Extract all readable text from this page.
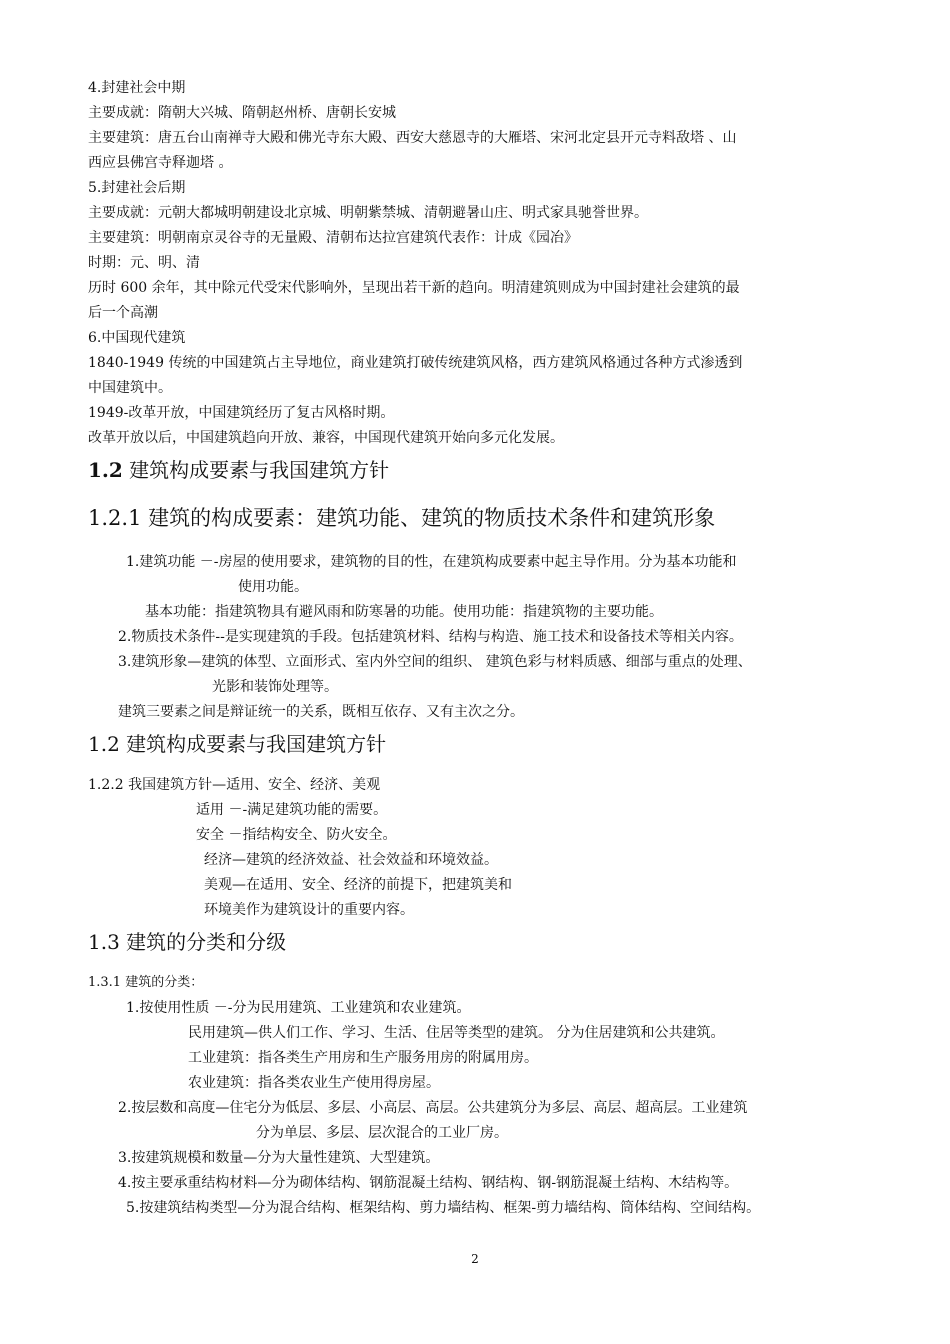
4.封建社会中期
主要成就：隋朝大兴城、隋朝赵州桥、唐朝长安城
主要建筑：唐五台山南禅寺大殿和佛光寺东大殿、西安大慈恩寺的大雁塔、宋河北定县开元寺料敌塔 、山
西应县佛宫寺释迦塔 。
5.封建社会后期
主要成就：元朝大都城明朝建设北京城、明朝紫禁城、清朝避暑山庄、明式家具驰誉世界。
主要建筑：明朝南京灵谷寺的无量殿、清朝布达拉宫建筑代表作：计成《园冶》
时期：元、明、清
历时 600 余年，其中除元代受宋代影响外，呈现出若干新的趋向。明清建筑则成为中国封建社会建筑的最
后一个高潮
6.中国现代建筑
1840-1949 传统的中国建筑占主导地位，商业建筑打破传统建筑风格，西方建筑风格通过各种方式渗透到
中国建筑中。
1949-改革开放，中国建筑经历了复古风格时期。
改革开放以后，中国建筑趋向开放、兼容，中国现代建筑开始向多元化发展。
1.2 建筑构成要素与我国建筑方针
1.2.1 建筑的构成要素：建筑功能、建筑的物质技术条件和建筑形象
1.建筑功能 －-房屋的使用要求，建筑物的目的性，在建筑构成要素中起主导作用。分为基本功能和
使用功能。
基本功能：指建筑物具有避风雨和防寒暑的功能。使用功能：指建筑物的主要功能。
2.物质技术条件--是实现建筑的手段。包括建筑材料、结构与构造、施工技术和设备技术等相关内容。
3.建筑形象—建筑的体型、立面形式、室内外空间的组织、 建筑色彩与材料质感、细部与重点的处理、
光影和装饰处理等。
建筑三要素之间是辩证统一的关系，既相互依存、又有主次之分。
1.2 建筑构成要素与我国建筑方针
1.2.2 我国建筑方针—适用、安全、经济、美观
适用 －-满足建筑功能的需要。
安全 －指结构安全、防火安全。
经济—建筑的经济效益、社会效益和环境效益。
美观—在适用、安全、经济的前提下，把建筑美和
环境美作为建筑设计的重要内容。
1.3 建筑的分类和分级
1.3.1 建筑的分类：
1.按使用性质 －-分为民用建筑、工业建筑和农业建筑。
民用建筑—供人们工作、学习、生活、住居等类型的建筑。 分为住居建筑和公共建筑。
工业建筑：指各类生产用房和生产服务用房的附属用房。
农业建筑：指各类农业生产使用得房屋。
2.按层数和高度—住宅分为低层、多层、小高层、高层。公共建筑分为多层、高层、超高层。工业建筑
分为单层、多层、层次混合的工业厂房。
3.按建筑规模和数量—分为大量性建筑、大型建筑。
4.按主要承重结构材料—分为砌体结构、钢筋混凝土结构、钢结构、钢-钢筋混凝土结构、木结构等。
5.按建筑结构类型—分为混合结构、框架结构、剪力墙结构、框架-剪力墙结构、筒体结构、空间结构。
2
